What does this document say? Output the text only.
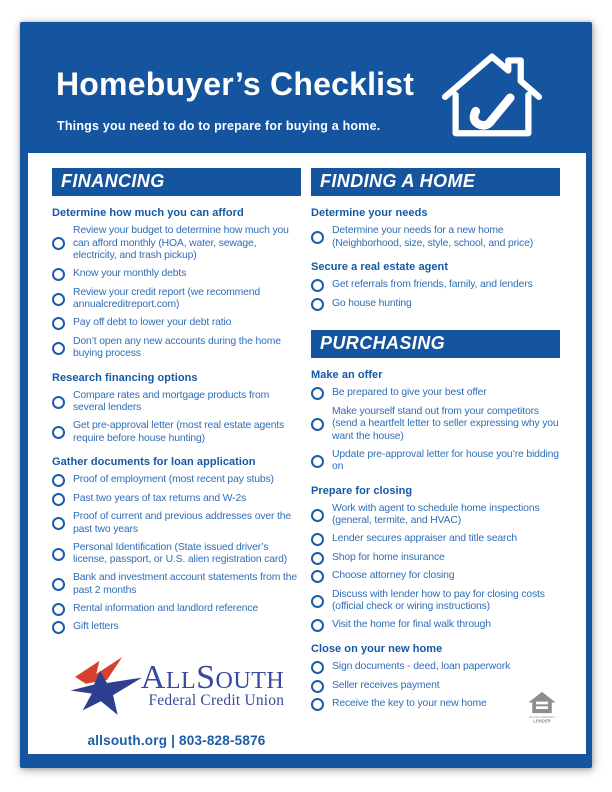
Homebuyer’s Checklist
Things you need to do to prepare for buying a home.
FINANCING
Determine how much you can afford
Review your budget to determine how much you can afford monthly (HOA, water, sewage, electricity, and trash pickup)
Know your monthly debts
Review your credit report (we recommend annualcreditreport.com)
Pay off debt to lower your debt ratio
Don’t open any new accounts during the home buying process
Research financing options
Compare rates and mortgage products from several lenders
Get pre-approval letter (most real estate agents require before house hunting)
Gather documents for loan application
Proof of employment (most recent pay stubs)
Past two years of tax returns and W-2s
Proof of current and previous addresses over the past two years
Personal Identification (State issued driver’s license, passport, or U.S. alien registration card)
Bank and investment account statements from the past 2 months
Rental information and landlord reference
Gift letters
AllSouth
Federal Credit Union
allsouth.org | 803-828-5876
FINDING A HOME
Determine your needs
Determine your needs for a new home (Neighborhood, size, style, school, and price)
Secure a real estate agent
Get referrals from friends, family, and lenders
Go house hunting
PURCHASING
Make an offer
Be prepared to give your best offer
Make yourself stand out from your competitors (send a heartfelt letter to seller expressing why you want the house)
Update pre-approval letter for house you’re bidding on
Prepare for closing
Work with agent to schedule home inspections (general, termite, and HVAC)
Lender secures appraiser and title search
Shop for home insurance
Choose attorney for closing
Discuss with lender how to pay for closing costs (official check or wiring instructions)
Visit the home for final walk through
Close on your new home
Sign documents - deed, loan paperwork
Seller receives payment
Receive the key to your new home
EQUAL HOUSING
LENDER
